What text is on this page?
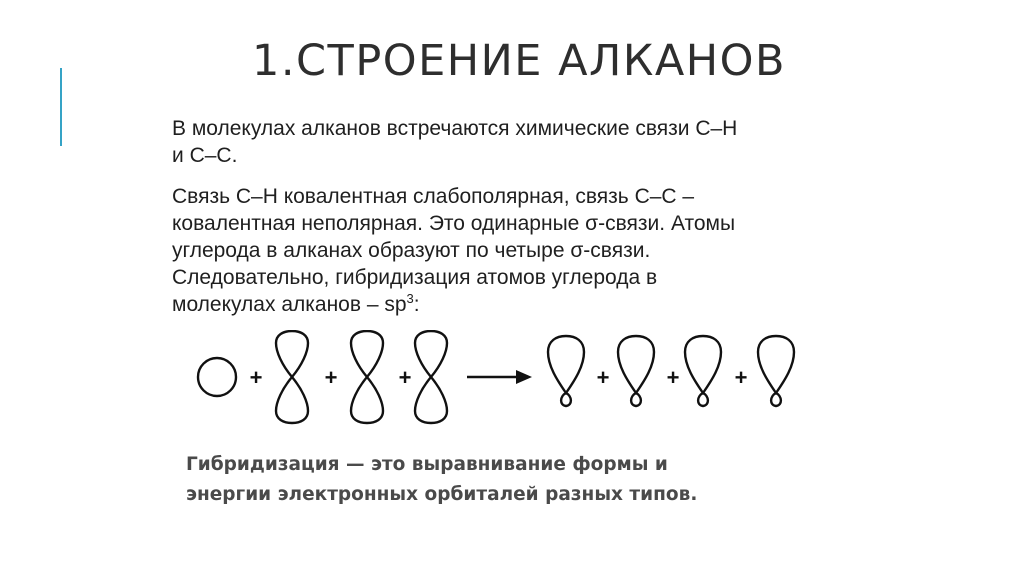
1.СТРОЕНИЕ АЛКАНОВ
В молекулах алканов встречаются химические связи С–Н
и С–С.
Связь С–Н ковалентная слабополярная, связь С–С –
ковалентная неполярная. Это одинарные σ-связи. Атомы
углерода в алканах образуют по четыре σ-связи.
Следовательно, гибридизация атомов углерода в
молекулах алканов – $sp^3$:
+	+	+	+	+	+
Гибридизация — это выравнивание формы и
энергии электронных орбиталей разных типов.
